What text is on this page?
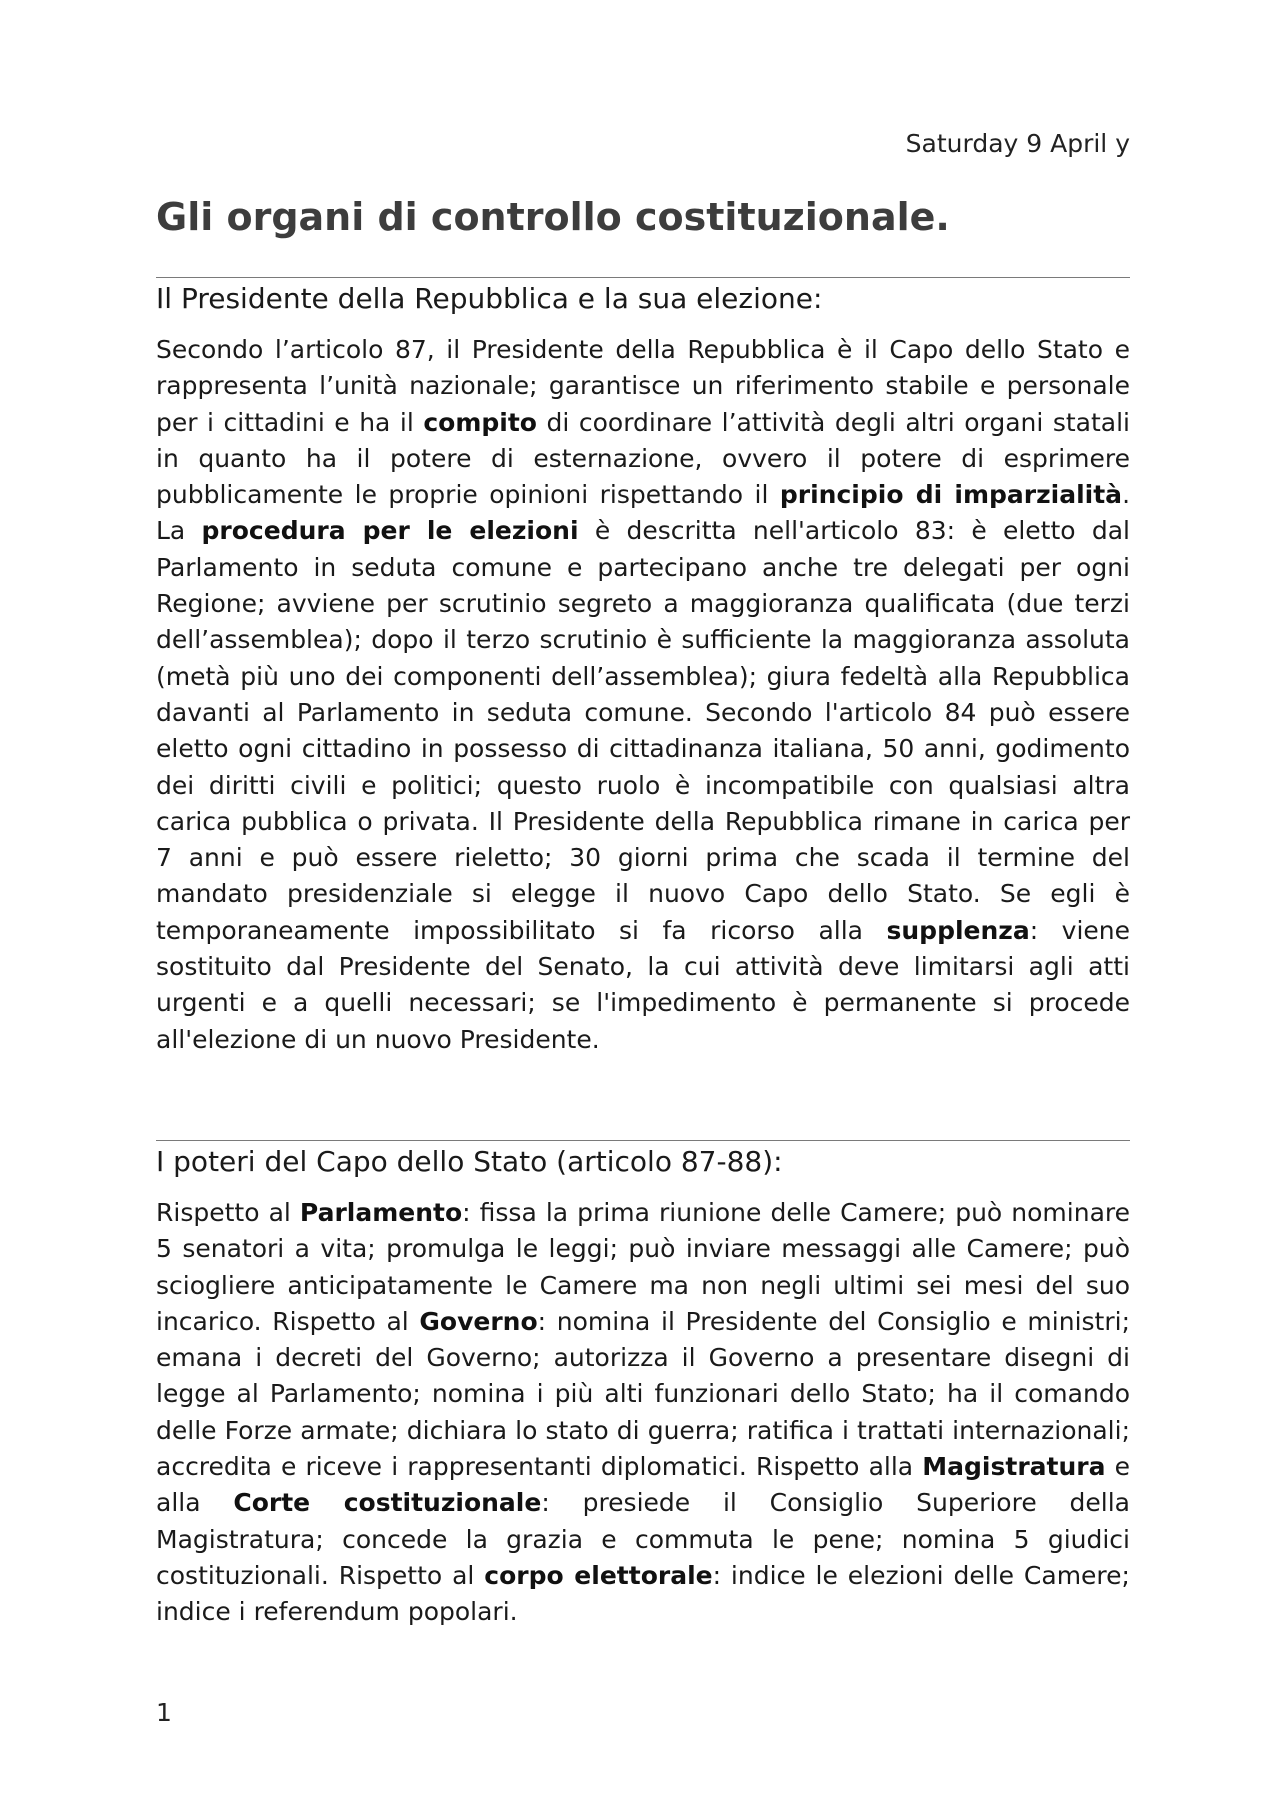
Saturday 9 April y
Gli organi di controllo costituzionale.
Il Presidente della Repubblica e la sua elezione:

Secondo l’articolo 87, il Presidente della Repubblica è il Capo dello Stato e rappresenta l’unità nazionale; garantisce un riferimento stabile e personale per i cittadini e ha il compito di coordinare l’attività degli altri organi statali in quanto ha il potere di esternazione, ovvero il potere di esprimere pubblicamente le proprie opinioni rispettando il principio di imparzialità. La procedura per le elezioni è descritta nell'articolo 83: è eletto dal Parlamento in seduta comune e partecipano anche tre delegati per ogni Regione; avviene per scrutinio segreto a maggioranza qualificata (due terzi dell’assemblea); dopo il terzo scrutinio è sufficiente la maggioranza assoluta (metà più uno dei componenti dell’assemblea); giura fedeltà alla Repubblica davanti al Parlamento in seduta comune. Secondo l'articolo 84 può essere eletto ogni cittadino in possesso di cittadinanza italiana, 50 anni, godimento dei diritti civili e politici; questo ruolo è incompatibile con qualsiasi altra carica pubblica o privata. Il Presidente della Repubblica rimane in carica per 7 anni e può essere rieletto; 30 giorni prima che scada il termine del mandato presidenziale si elegge il nuovo Capo dello Stato. Se egli è temporaneamente impossibilitato si fa ricorso alla supplenza: viene sostituito dal Presidente del Senato, la cui attività deve limitarsi agli atti urgenti e a quelli necessari; se l'impedimento è permanente si procede all'elezione di un nuovo Presidente.

I poteri del Capo dello Stato (articolo 87-88):

Rispetto al Parlamento: fissa la prima riunione delle Camere; può nominare 5 senatori a vita; promulga le leggi; può inviare messaggi alle Camere; può sciogliere anticipatamente le Camere ma non negli ultimi sei mesi del suo incarico. Rispetto al Governo: nomina il Presidente del Consiglio e ministri; emana i decreti del Governo; autorizza il Governo a presentare disegni di legge al Parlamento; nomina i più alti funzionari dello Stato; ha il comando delle Forze armate; dichiara lo stato di guerra; ratifica i trattati internazionali; accredita e riceve i rappresentanti diplomatici. Rispetto alla Magistratura e alla Corte costituzionale: presiede il Consiglio Superiore della Magistratura; concede la grazia e commuta le pene; nomina 5 giudici costituzionali. Rispetto al corpo elettorale: indice le elezioni delle Camere; indice i referendum popolari.

1
